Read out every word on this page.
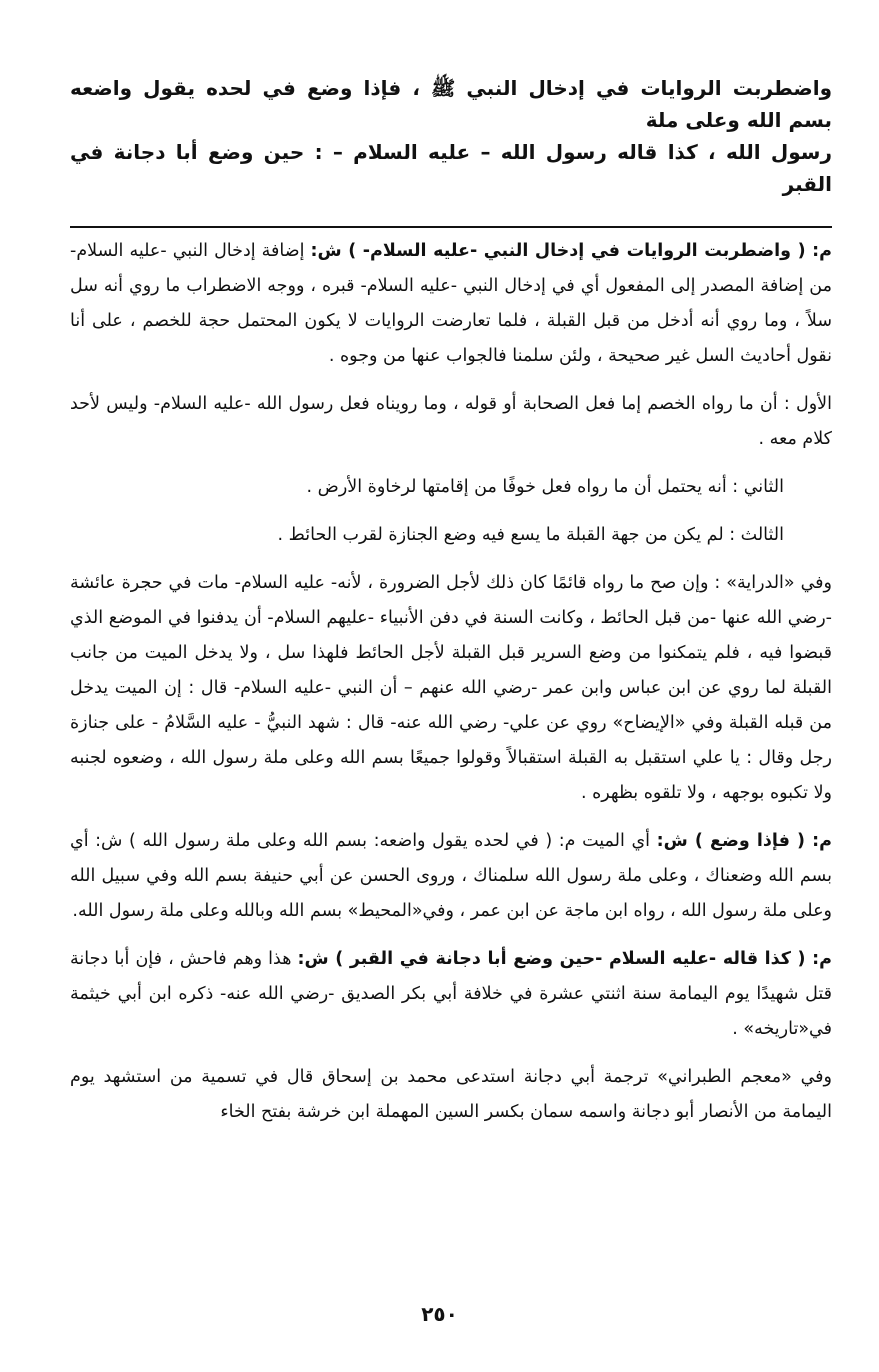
واضطربت الروايات في إدخال النبي ﷺ ، فإذا وضع في لحده يقول واضعه بسم الله وعلى ملة

رسول الله ، كذا قاله رسول الله – عليه السلام – : حين وضع أبا دجانة في القبر

م: ( واضطربت الروايات في إدخال النبي -عليه السلام- ) ش: إضافة إدخال النبي -عليه السلام- من إضافة المصدر إلى المفعول أي في إدخال النبي -عليه السلام- قبره ، ووجه الاضطراب ما روي أنه سل سلاً ، وما روي أنه أدخل من قبل القبلة ، فلما تعارضت الروايات لا يكون المحتمل حجة للخصم ، على أنا نقول أحاديث السل غير صحيحة ، ولئن سلمنا فالجواب عنها من وجوه .

الأول : أن ما رواه الخصم إما فعل الصحابة أو قوله ، وما رويناه فعل رسول الله -عليه السلام- وليس لأحد كلام معه .

الثاني : أنه يحتمل أن ما رواه فعل خوفًا من إقامتها لرخاوة الأرض .

الثالث : لم يكن من جهة القبلة ما يسع فيه وضع الجنازة لقرب الحائط .

وفي «الدراية» : وإن صح ما رواه قائمًا كان ذلك لأجل الضرورة ، لأنه- عليه السلام- مات في حجرة عائشة -رضي الله عنها -من قبل الحائط ، وكانت السنة في دفن الأنبياء -عليهم السلام- أن يدفنوا في الموضع الذي قبضوا فيه ، فلم يتمكنوا من وضع السرير قبل القبلة لأجل الحائط فلهذا سل ، ولا يدخل الميت من جانب القبلة لما روي عن ابن عباس وابن عمر -رضي الله عنهم – أن النبي -عليه السلام- قال : إن الميت يدخل من قبله القبلة وفي «الإيضاح» روي عن علي- رضي الله عنه- قال : شهد النبيُّ - عليه السَّلامُ - على جنازة رجل وقال : يا علي استقبل به القبلة استقبالاً وقولوا جميعًا بسم الله وعلى ملة رسول الله ، وضعوه لجنبه ولا تكبوه بوجهه ، ولا تلقوه بظهره .

م: ( فإذا وضع ) ش: أي الميت م: ( في لحده يقول واضعه: بسم الله وعلى ملة رسول الله ) ش: أي بسم الله وضعناك ، وعلى ملة رسول الله سلمناك ، وروى الحسن عن أبي حنيفة بسم الله وفي سبيل الله وعلى ملة رسول الله ، رواه ابن ماجة عن ابن عمر ، وفي«المحيط» بسم الله وبالله وعلى ملة رسول الله.

م: ( كذا قاله -عليه السلام -حين وضع أبا دجانة في القبر ) ش: هذا وهم فاحش ، فإن أبا دجانة قتل شهيدًا يوم اليمامة سنة اثنتي عشرة في خلافة أبي بكر الصديق -رضي الله عنه- ذكره ابن أبي خيثمة في«تاريخه» .

وفي «معجم الطبراني» ترجمة أبي دجانة استدعى محمد بن إسحاق قال في تسمية من استشهد يوم اليمامة من الأنصار أبو دجانة واسمه سمان بكسر السين المهملة ابن خرشة بفتح الخاء

٢٥٠
